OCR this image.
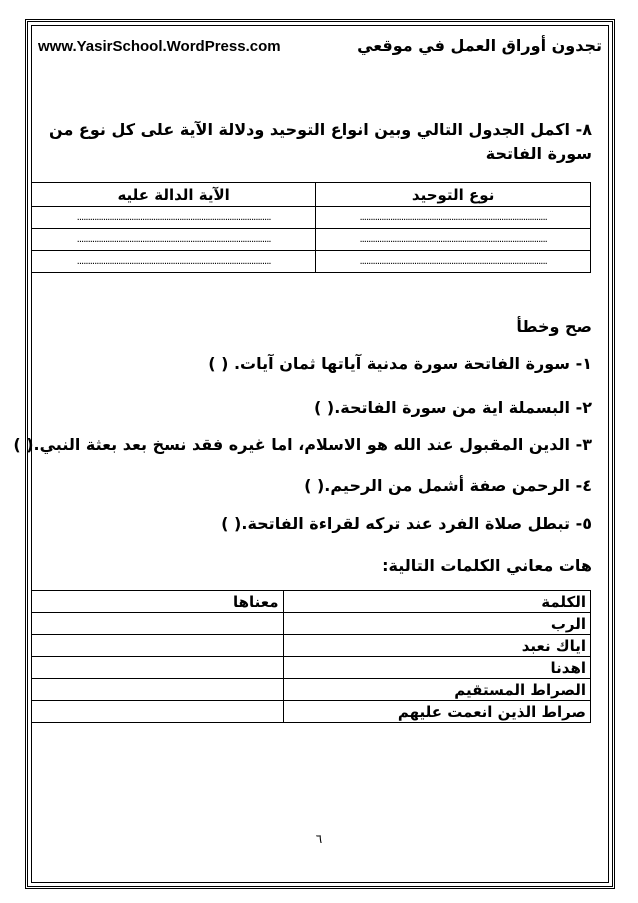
www.YasirSchool.WordPress.com	تجدون أوراق العمل في موقعي
٨- اكمل الجدول التالي وبين انواع التوحيد ودلالة الآية على كل نوع من سورة الفاتحة
نوع التوحيد	الآية الدالة عليه
......................................................................................	.........................................................................................
......................................................................................	.........................................................................................
......................................................................................	.........................................................................................
صح وخطأ
١- سورة الفاتحة سورة مدنية آياتها ثمان آيات. ( )
٢- البسملة اية من سورة الفاتحة.( )
٣- الدين المقبول عند الله هو الاسلام، اما غيره فقد نسخ بعد بعثة النبي.( )
٤- الرحمن صفة أشمل من الرحيم.( )
٥- تبطل صلاة الفرد عند تركه لقراءة الفاتحة.( )
هات معاني الكلمات التالية:
الكلمة	معناها
الرب	
اياك نعبد	
اهدنا	
الصراط المستقيم	
صراط الذين انعمت عليهم	
٦
